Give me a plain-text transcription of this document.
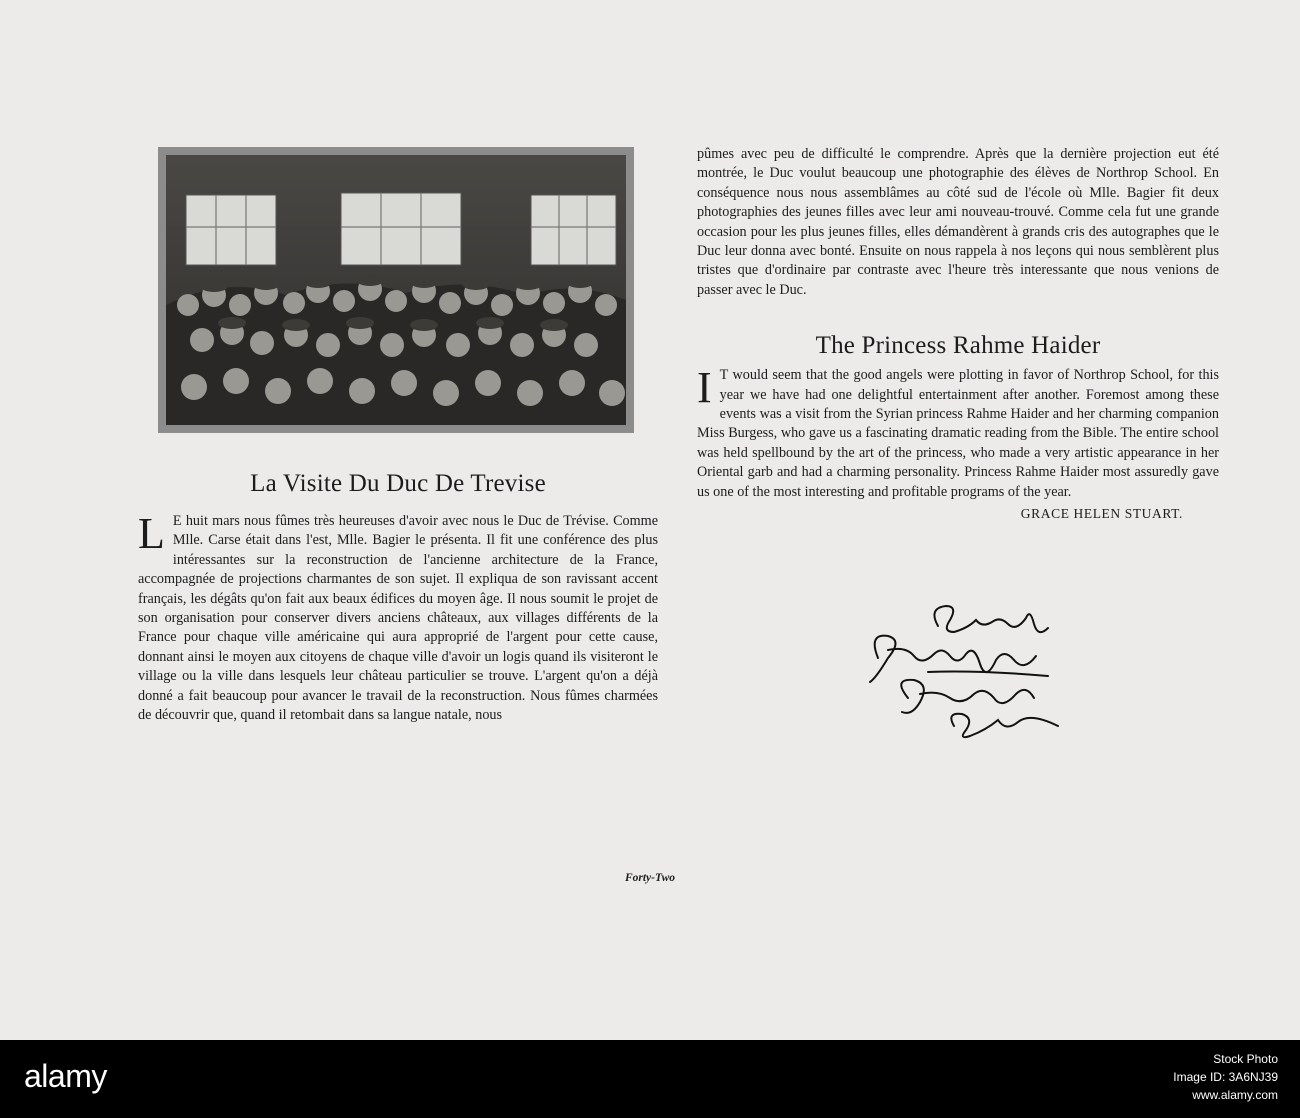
La Visite Du Duc De Trevise

L E huit mars nous fûmes très heureuses d'avoir avec nous le Duc de Trévise. Comme Mlle. Carse était dans l'est, Mlle. Bagier le présenta. Il fit une conférence des plus intéressantes sur la reconstruction de l'ancienne architecture de la France, accompagnée de projections charmantes de son sujet. Il expliqua de son ravissant accent français, les dégâts qu'on fait aux beaux édifices du moyen âge. Il nous soumit le projet de son organisation pour conserver divers anciens châteaux, aux villages différents de la France pour chaque ville américaine qui aura approprié de l'argent pour cette cause, donnant ainsi le moyen aux citoyens de chaque ville d'avoir un logis quand ils visiteront le village ou la ville dans lesquels leur château particulier se trouve. L'argent qu'on a déjà donné a fait beaucoup pour avancer le travail de la reconstruction. Nous fûmes charmées de découvrir que, quand il retombait dans sa langue natale, nous

pûmes avec peu de difficulté le comprendre. Après que la dernière projection eut été montrée, le Duc voulut beaucoup une photographie des élèves de Northrop School. En conséquence nous nous assemblâmes au côté sud de l'école où Mlle. Bagier fit deux photographies des jeunes filles avec leur ami nouveau-trouvé. Comme cela fut une grande occasion pour les plus jeunes filles, elles démandèrent à grands cris des autographes que le Duc leur donna avec bonté. Ensuite on nous rappela à nos leçons qui nous semblèrent plus tristes que d'ordinaire par contraste avec l'heure très interessante que nous venions de passer avec le Duc.

The Princess Rahme Haider

I T would seem that the good angels were plotting in favor of Northrop School, for this year we have had one delightful entertainment after another. Foremost among these events was a visit from the Syrian princess Rahme Haider and her charming companion Miss Burgess, who gave us a fascinating dramatic reading from the Bible. The entire school was held spellbound by the art of the princess, who made a very artistic appearance in her Oriental garb and had a charming personality. Princess Rahme Haider most assuredly gave us one of the most interesting and profitable programs of the year.

GRACE HELEN STUART.
Forty-Two
alamy	Stock Photo
Image ID: 3A6NJ39
www.alamy.com
